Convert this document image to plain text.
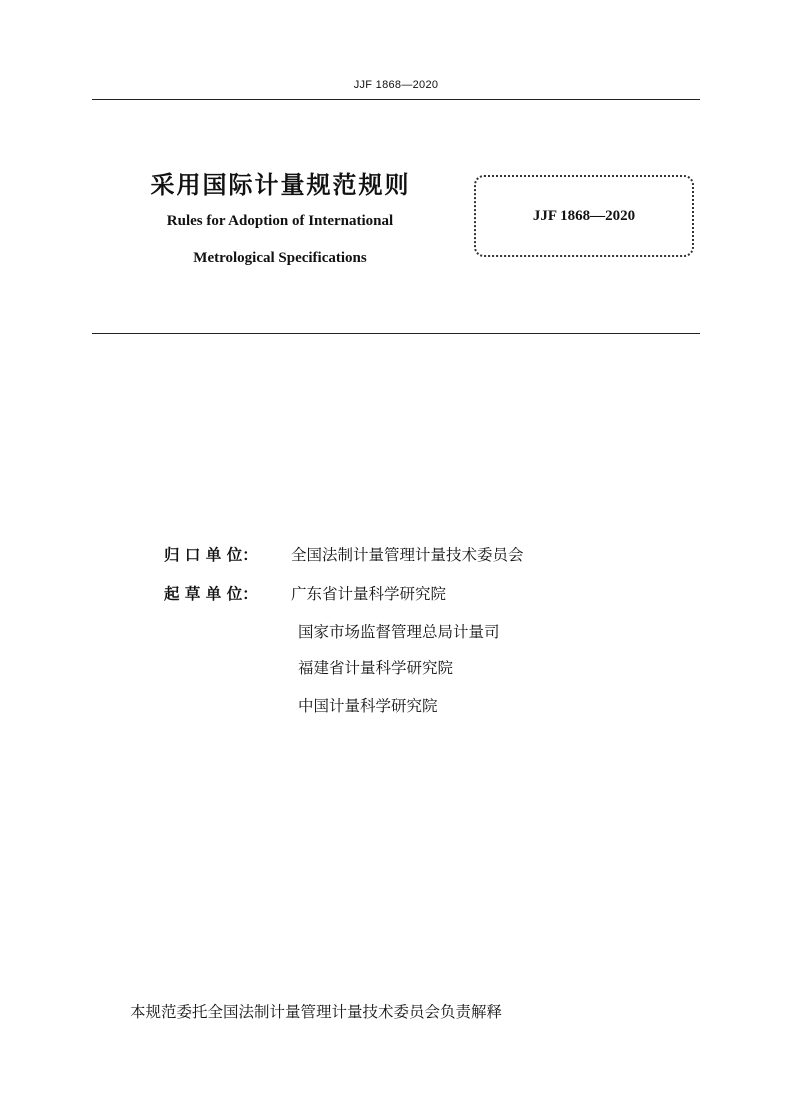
JJF 1868—2020
采用国际计量规范规则
Rules for Adoption of International
Metrological Specifications
JJF 1868—2020
归 口 单 位：	全国法制计量管理计量技术委员会
起 草 单 位：	广东省计量科学研究院
国家市场监督管理总局计量司
福建省计量科学研究院
中国计量科学研究院
本规范委托全国法制计量管理计量技术委员会负责解释
